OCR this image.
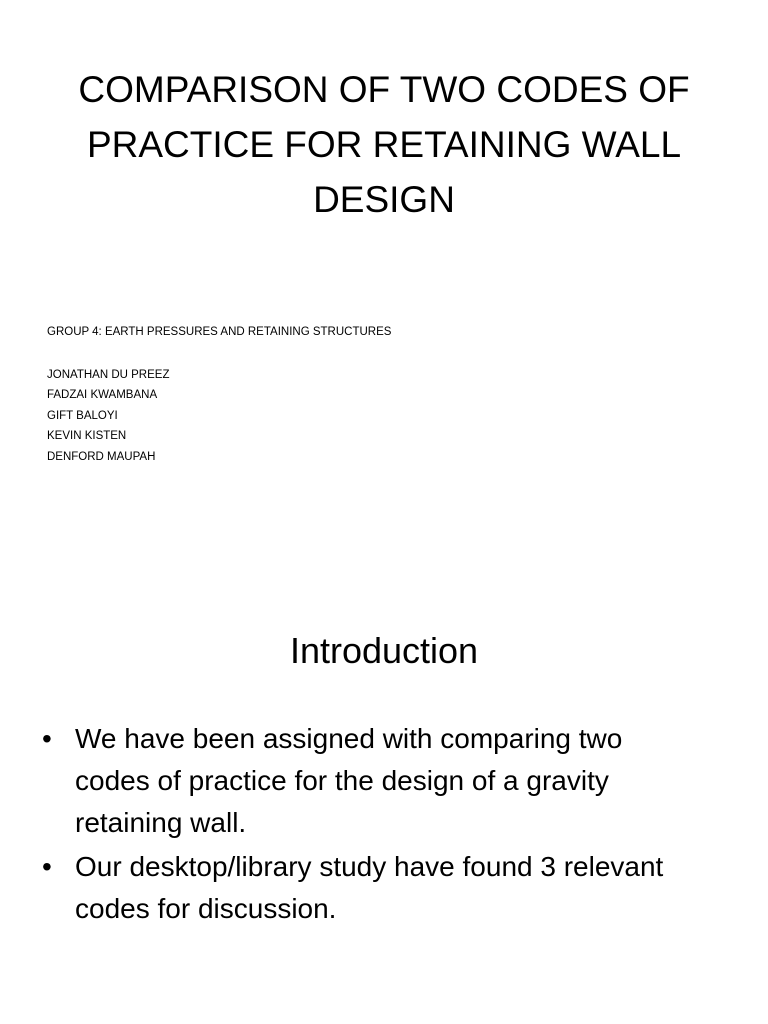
COMPARISON OF TWO CODES OF PRACTICE FOR RETAINING WALL DESIGN

GROUP 4: EARTH PRESSURES AND RETAINING STRUCTURES

JONATHAN DU PREEZ
FADZAI KWAMBANA
GIFT BALOYI
KEVIN KISTEN
DENFORD MAUPAH
Introduction
• We have been assigned with comparing two codes of practice for the design of a gravity retaining wall.
• Our desktop/library study have found 3 relevant codes for discussion.
